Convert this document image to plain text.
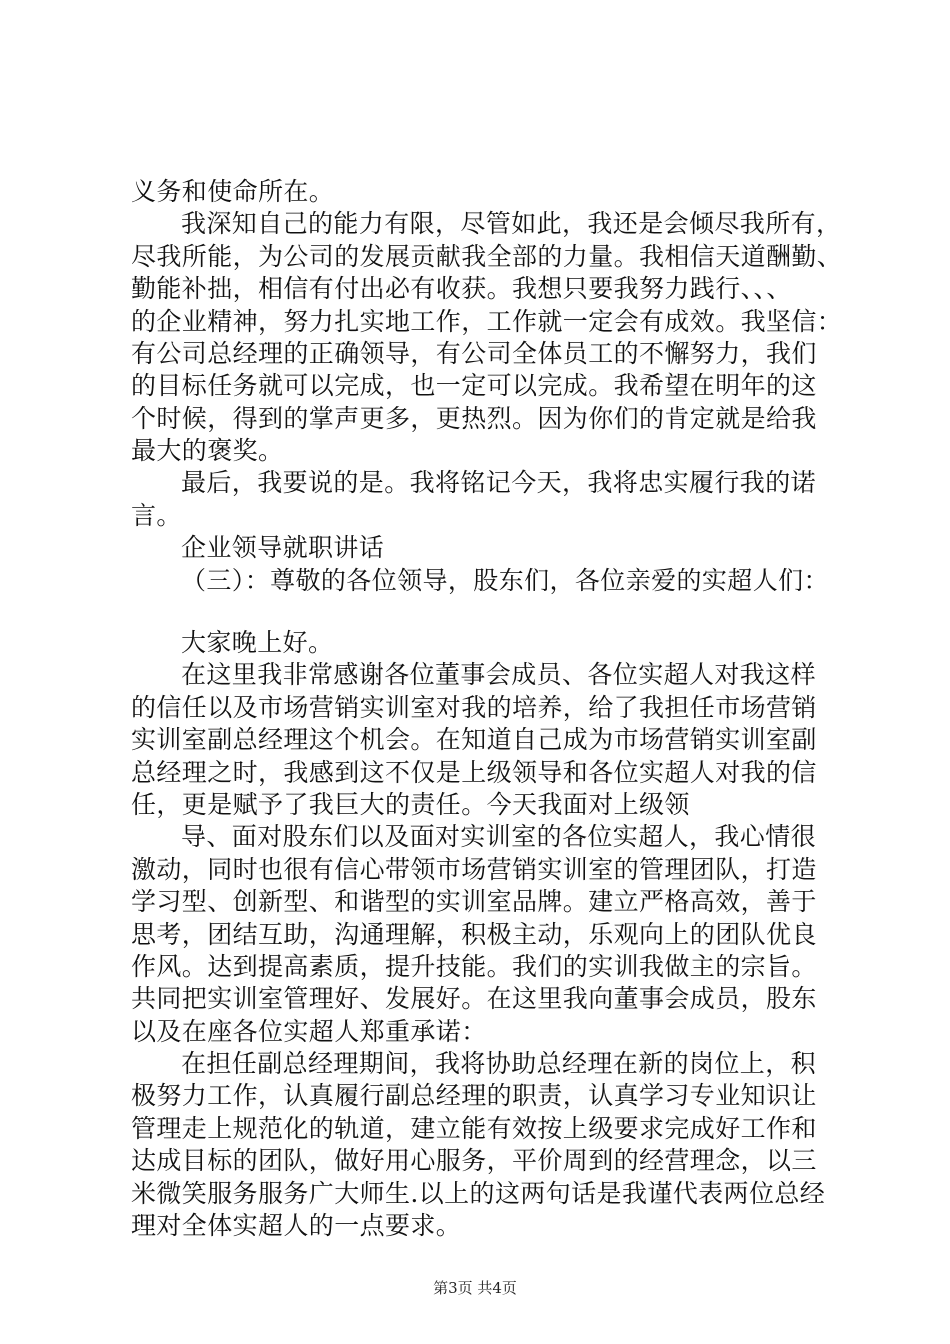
义务和使命所在。
我深知自己的能力有限，尽管如此，我还是会倾尽我所有，
尽我所能，为公司的发展贡献我全部的力量。我相信天道酬勤、
勤能补拙，相信有付出必有收获。我想只要我努力践行、、、
的企业精神，努力扎实地工作，工作就一定会有成效。我坚信：
有公司总经理的正确领导，有公司全体员工的不懈努力，我们
的目标任务就可以完成，也一定可以完成。我希望在明年的这
个时候，得到的掌声更多，更热烈。因为你们的肯定就是给我
最大的褒奖。
最后，我要说的是。我将铭记今天，我将忠实履行我的诺
言。
企业领导就职讲话
（三）：尊敬的各位领导，股东们，各位亲爱的实超人们：
大家晚上好。
在这里我非常感谢各位董事会成员、各位实超人对我这样
的信任以及市场营销实训室对我的培养，给了我担任市场营销
实训室副总经理这个机会。在知道自己成为市场营销实训室副
总经理之时，我感到这不仅是上级领导和各位实超人对我的信
任，更是赋予了我巨大的责任。今天我面对上级领
导、面对股东们以及面对实训室的各位实超人，我心情很
激动，同时也很有信心带领市场营销实训室的管理团队，打造
学习型、创新型、和谐型的实训室品牌。建立严格高效，善于
思考，团结互助，沟通理解，积极主动，乐观向上的团队优良
作风。达到提高素质，提升技能。我们的实训我做主的宗旨。
共同把实训室管理好、发展好。在这里我向董事会成员，股东
以及在座各位实超人郑重承诺：
在担任副总经理期间，我将协助总经理在新的岗位上，积
极努力工作，认真履行副总经理的职责，认真学习专业知识让
管理走上规范化的轨道，建立能有效按上级要求完成好工作和
达成目标的团队，做好用心服务，平价周到的经营理念，以三
米微笑服务服务广大师生.以上的这两句话是我谨代表两位总经
理对全体实超人的一点要求。
第3页 共4页
